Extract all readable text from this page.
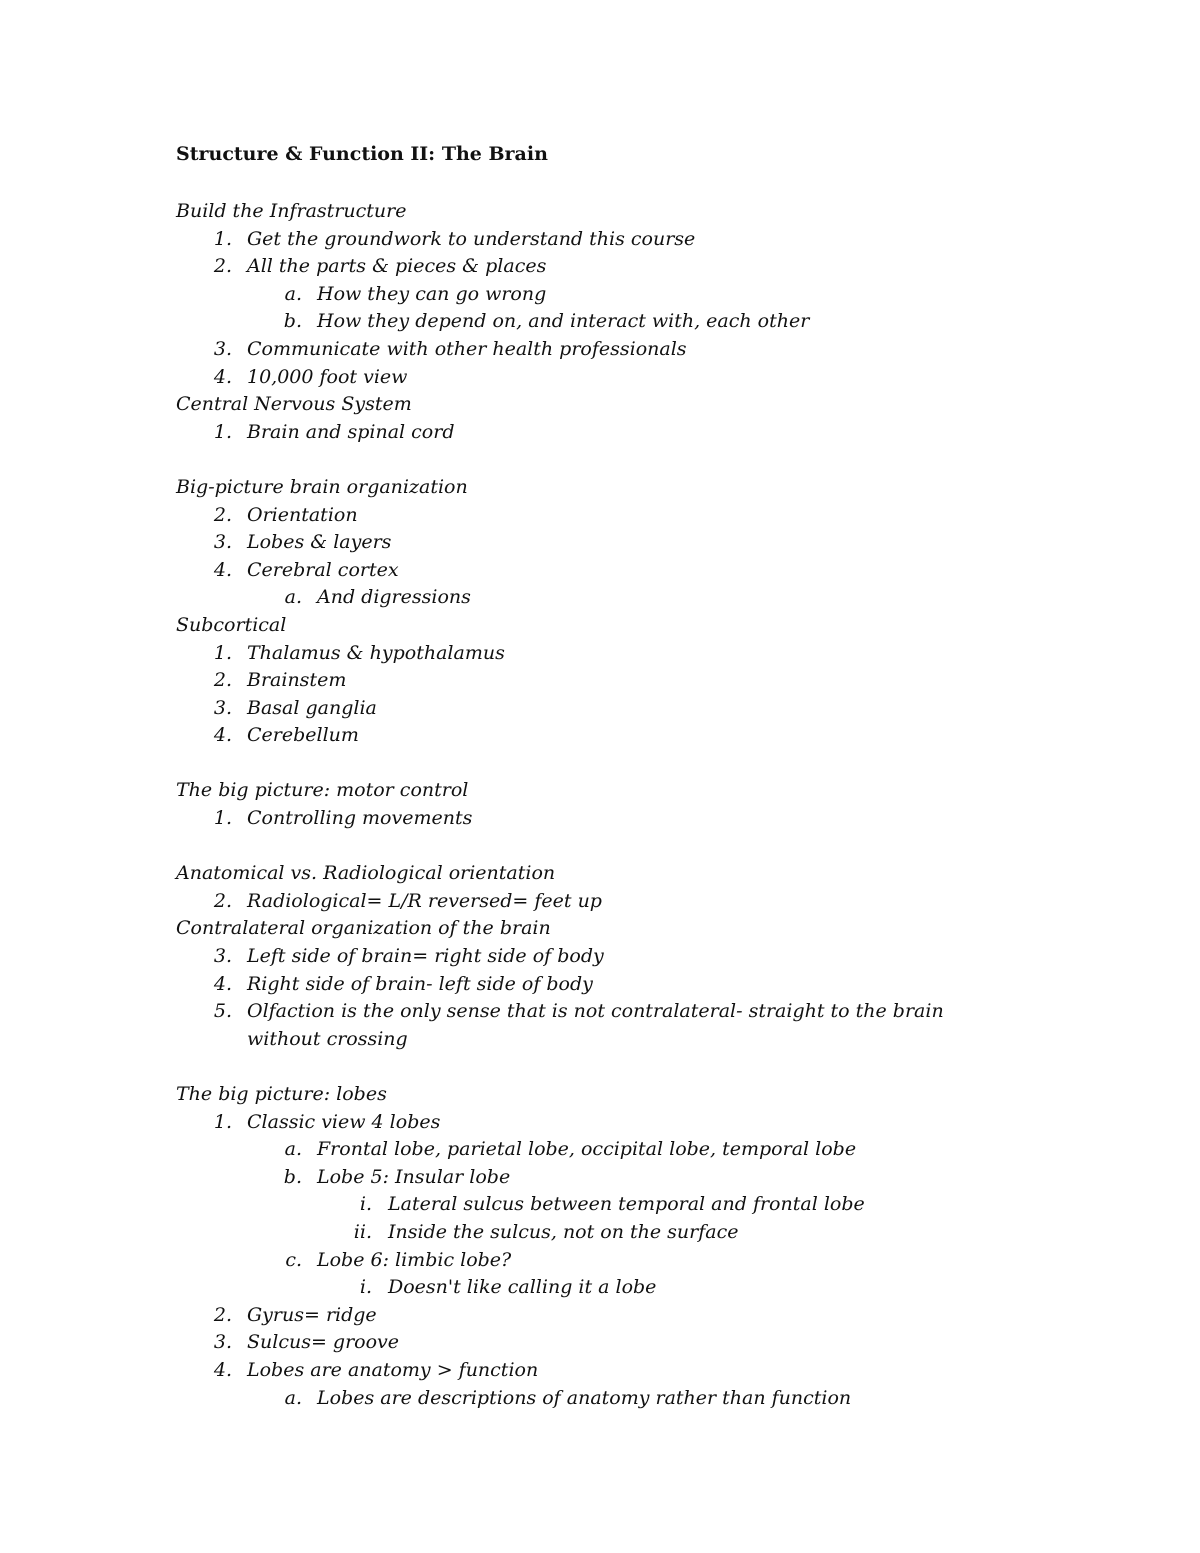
Structure & Function II: The Brain
Build the Infrastructure
1. Get the groundwork to understand this course
2. All the parts & pieces & places
a. How they can go wrong
b. How they depend on, and interact with, each other
3. Communicate with other health professionals
4. 10,000 foot view
Central Nervous System
1. Brain and spinal cord
Big-picture brain organization
2. Orientation
3. Lobes & layers
4. Cerebral cortex
a. And digressions
Subcortical
1. Thalamus & hypothalamus
2. Brainstem
3. Basal ganglia
4. Cerebellum
The big picture: motor control
1. Controlling movements
Anatomical vs. Radiological orientation
2. Radiological= L/R reversed= feet up
Contralateral organization of the brain
3. Left side of brain= right side of body
4. Right side of brain- left side of body
5. Olfaction is the only sense that is not contralateral- straight to the brain
without crossing
The big picture: lobes
1. Classic view 4 lobes
a. Frontal lobe, parietal lobe, occipital lobe, temporal lobe
b. Lobe 5: Insular lobe
i. Lateral sulcus between temporal and frontal lobe
ii. Inside the sulcus, not on the surface
c. Lobe 6: limbic lobe?
i. Doesn't like calling it a lobe
2. Gyrus= ridge
3. Sulcus= groove
4. Lobes are anatomy > function
a. Lobes are descriptions of anatomy rather than function
